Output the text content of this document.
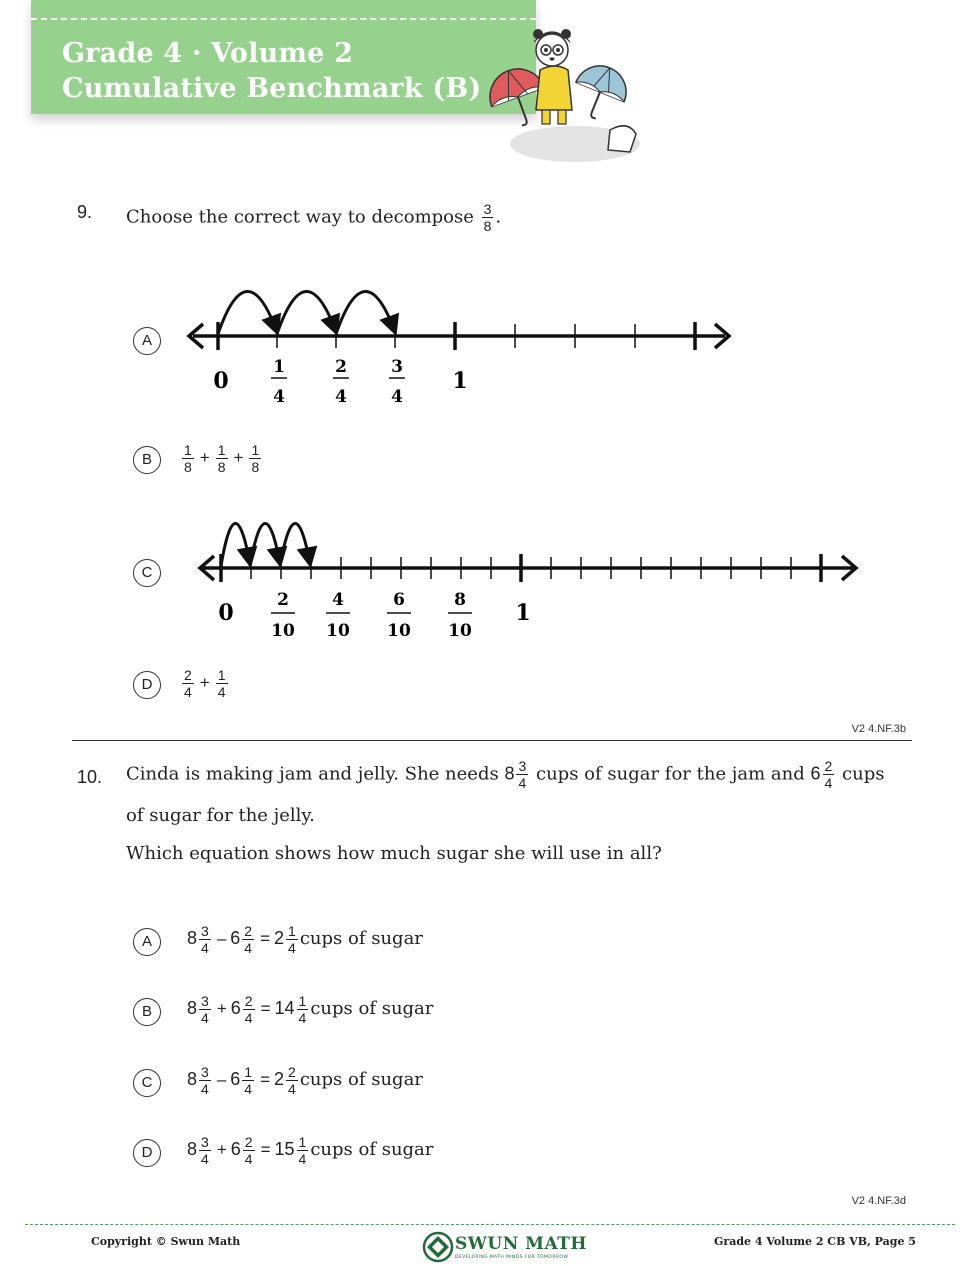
Grade 4 · Volume 2
Cumulative Benchmark (B)
9. Choose the correct way to decompose $\frac{3}{8}$ .
A
0
1
4
2
4
3
4
1
B	$\frac{1}{8} + \frac{1}{8} + \frac{1}{8}$
C
0	2
10
4
10
6
10
8
10
1
D	$\frac{2}{4} + \frac{1}{4}$
V2 4.NF.3b
10. Cinda is making jam and jelly. She needs $8 \frac{3}{4}$ cups of sugar for the jam and $6 \frac{2}{4}$ cups
of sugar for the jelly.
Which equation shows how much sugar she will use in all?
A	$8 \frac{3}{4} - 6 \frac{2}{4} = 2 \frac{1}{4}$ cups of sugar
B	$8 \frac{3}{4} + 6 \frac{2}{4} = 14 \frac{1}{4}$ cups of sugar
C	$8 \frac{3}{4} - 6 \frac{1}{4} = 2 \frac{2}{4}$ cups of sugar
D	$8 \frac{3}{4} + 6 \frac{2}{4} = 15 \frac{1}{4}$ cups of sugar
V2 4.NF.3d
Copyright © Swun Math	SWUN MATH
DEVELOPING MATH MINDS FOR TOMORROW
Grade 4 Volume 2 CB VB, Page 5
